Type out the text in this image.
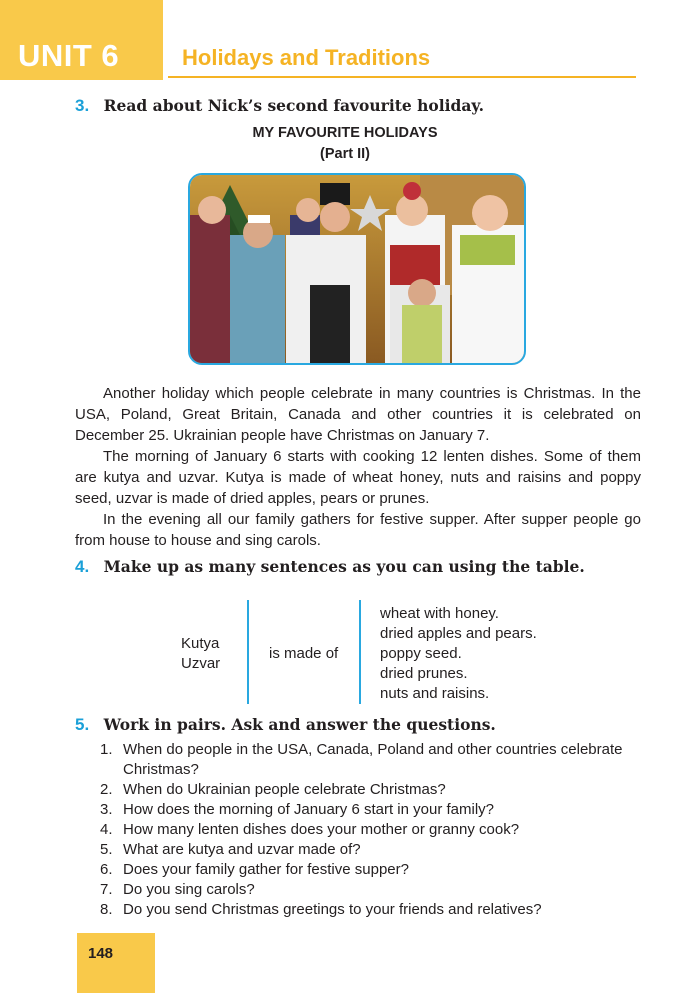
UNIT 6	Holidays and Traditions
3. Read about Nick’s second favourite holiday.
MY FAVOURITE HOLIDAYS
(Part II)

Another holiday which people celebrate in many countries is Christmas. In the USA, Poland, Great Britain, Canada and other countries it is celebrated on December 25. Ukrainian people have Christmas on January 7.

The morning of January 6 starts with cooking 12 lenten dishes. Some of them are kutya and uzvar. Kutya is made of wheat honey, nuts and raisins and poppy seed, uzvar is made of dried apples, pears or prunes.

In the evening all our family gathers for festive supper. After supper people go from house to house and sing carols.

4. Make up as many sentences as you can using the table.
Kutya
Uzvar
is made of
wheat with honey.
dried apples and pears.
poppy seed.
dried prunes.
nuts and raisins.
5. Work in pairs. Ask and answer the questions.
1. When do people in the USA, Canada, Poland and other countries celebrate Christmas?
2. When do Ukrainian people celebrate Christmas?
3. How does the morning of January 6 start in your family?
4. How many lenten dishes does your mother or granny cook?
5. What are kutya and uzvar made of?
6. Does your family gather for festive supper?
7. Do you sing carols?
8. Do you send Christmas greetings to your friends and relatives?
148
